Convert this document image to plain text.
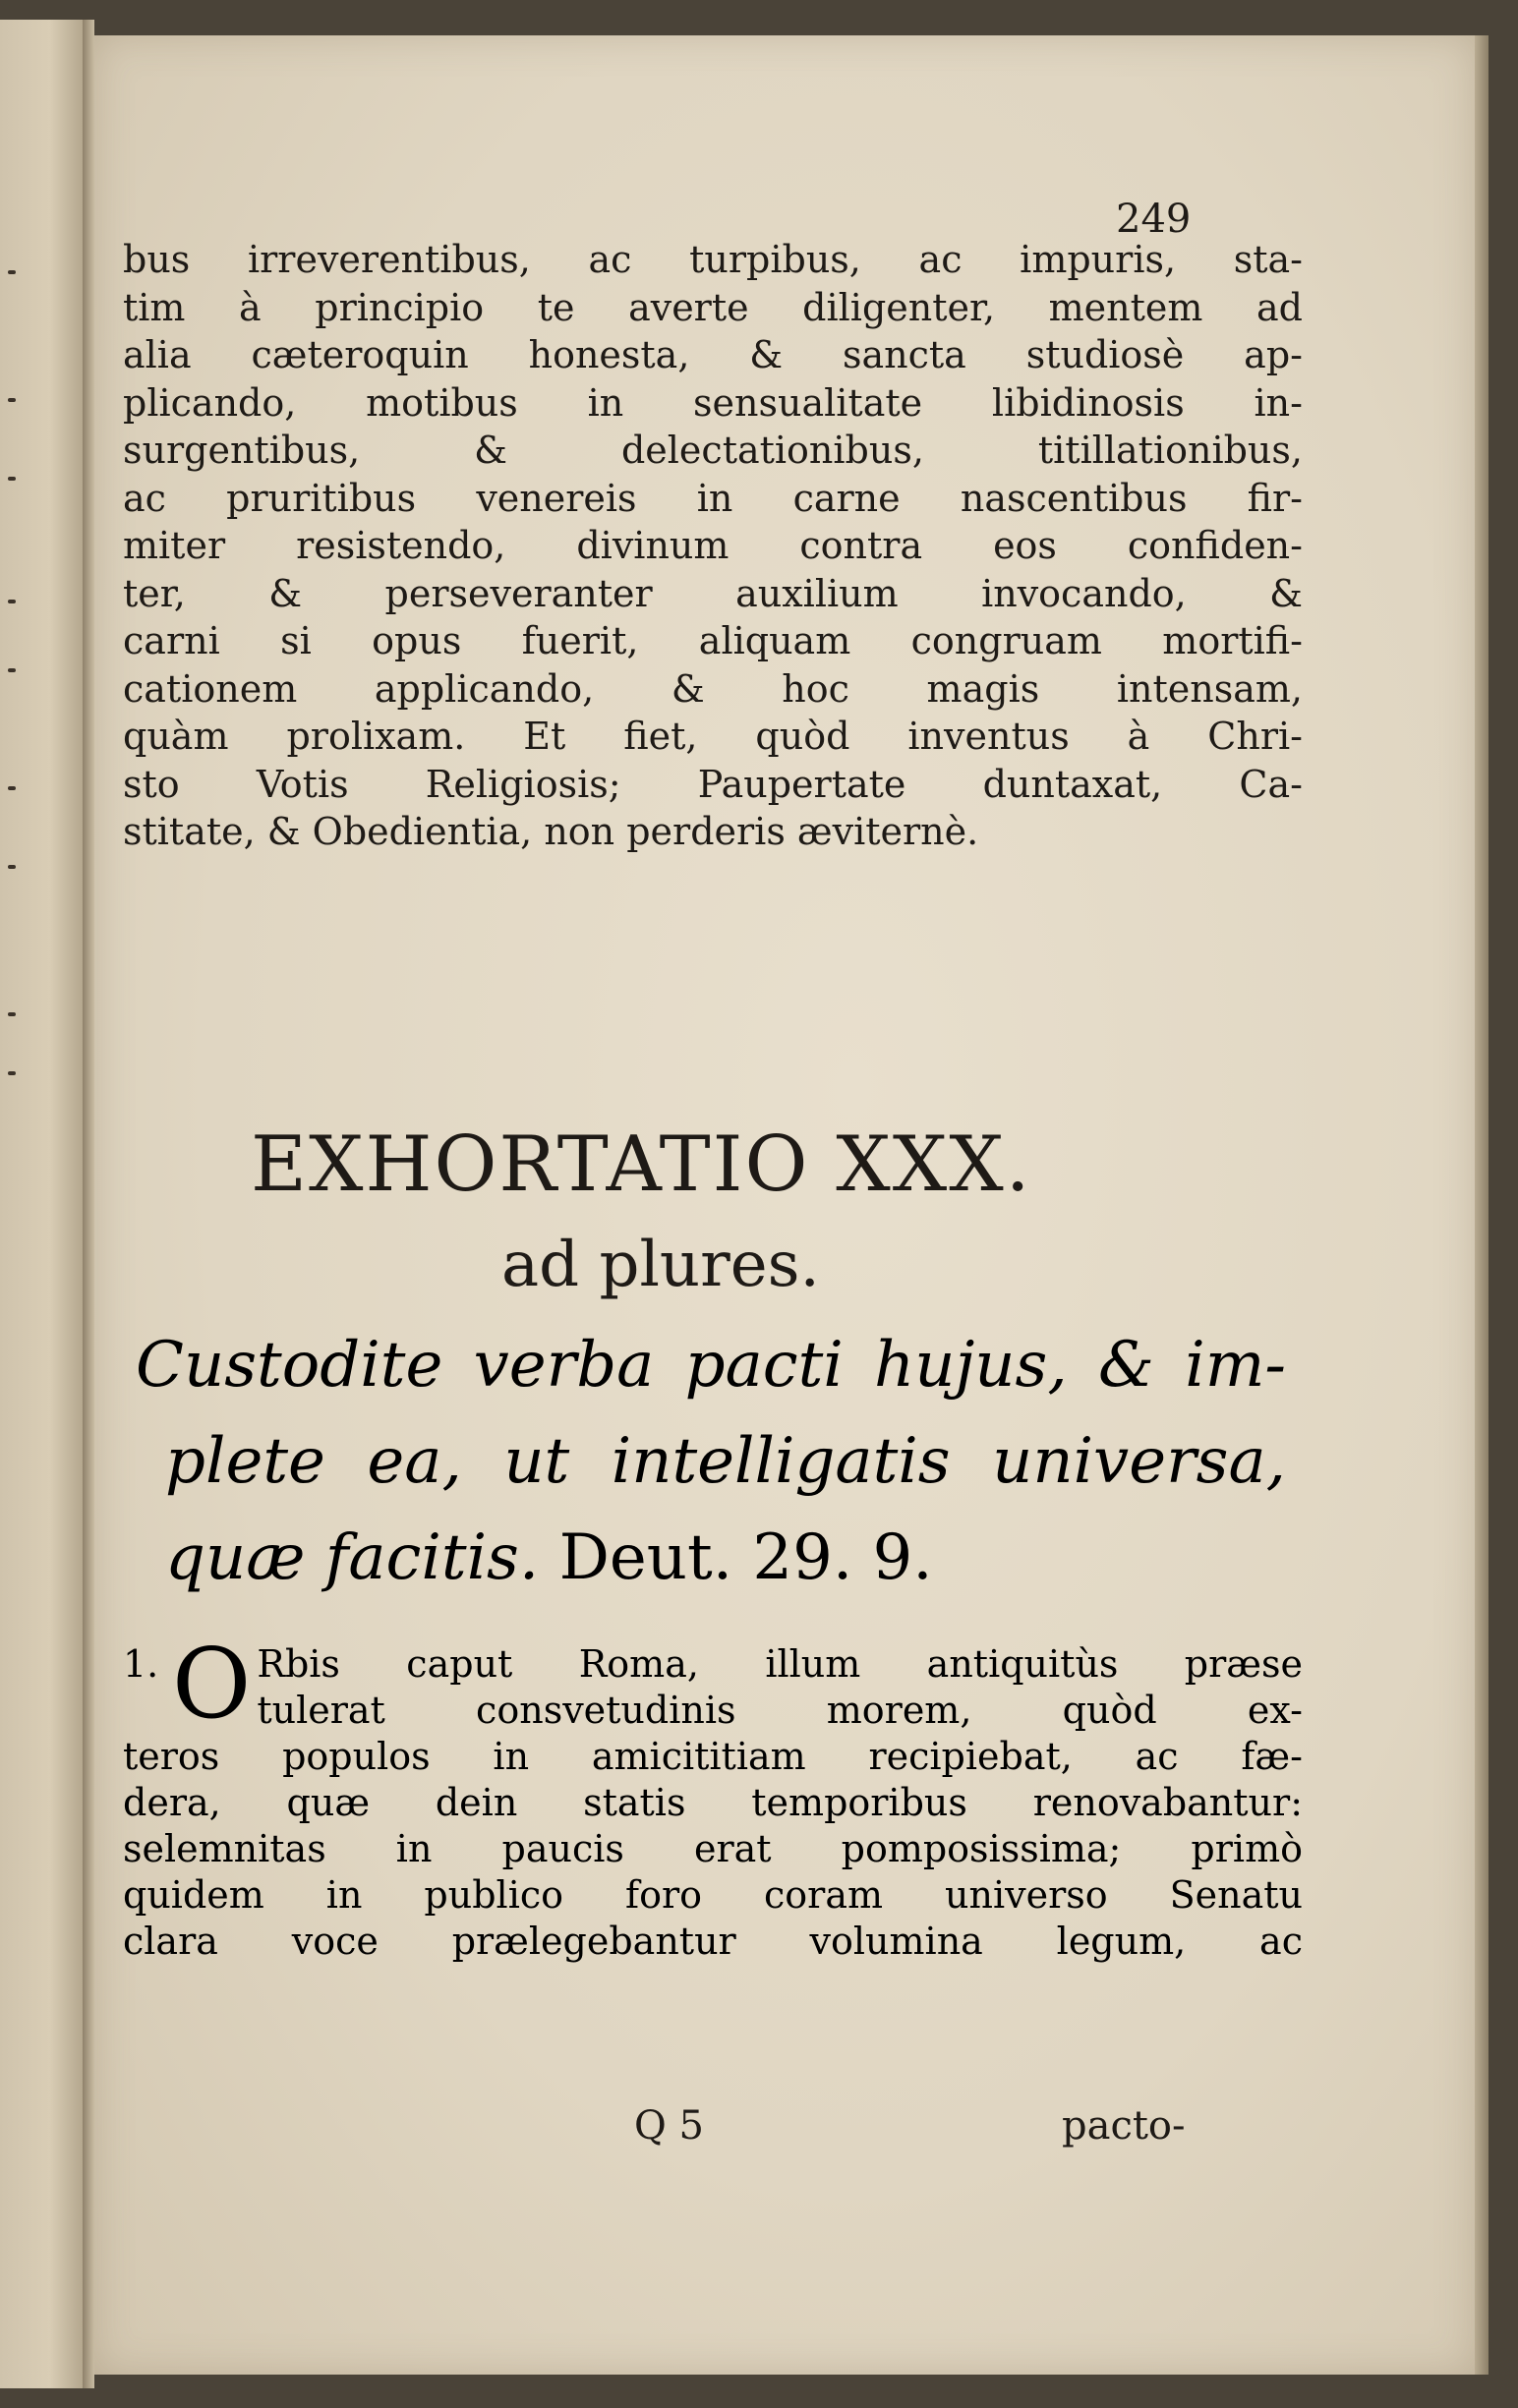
249
bus irreverentibus, ac turpibus, ac impuris, sta-
tim à principio te averte diligenter, mentem ad
alia cæteroquin honesta, & sancta studiosè ap-
plicando, motibus in sensualitate libidinosis in-
surgentibus, & delectationibus, titillationibus,
ac pruritibus venereis in carne nascentibus fir-
miter resistendo, divinum contra eos confiden-
ter, & perseveranter auxilium invocando, &
carni si opus fuerit, aliquam congruam mortifi-
cationem applicando, & hoc magis intensam,
quàm prolixam. Et fiet, quòd inventus à Chri-
sto Votis Religiosis; Paupertate duntaxat, Ca-
stitate, & Obedientia, non perderis æviternè.
EXHORTATIO XXX.
ad plures.
Custodite verba pacti hujus, & im-
plete ea, ut intelligatis universa,
quæ facitis. Deut. 29. 9.
1. O Rbis caput Roma, illum antiquitùs præse
tulerat consvetudinis morem, quòd ex-
teros populos in amicititiam recipiebat, ac fæ-
dera, quæ dein statis temporibus renovabantur:
selemnitas in paucis erat pomposissima; primò
quidem in publico foro coram universo Senatu
clara voce prælegebantur volumina legum, ac
Q 5	pacto-
